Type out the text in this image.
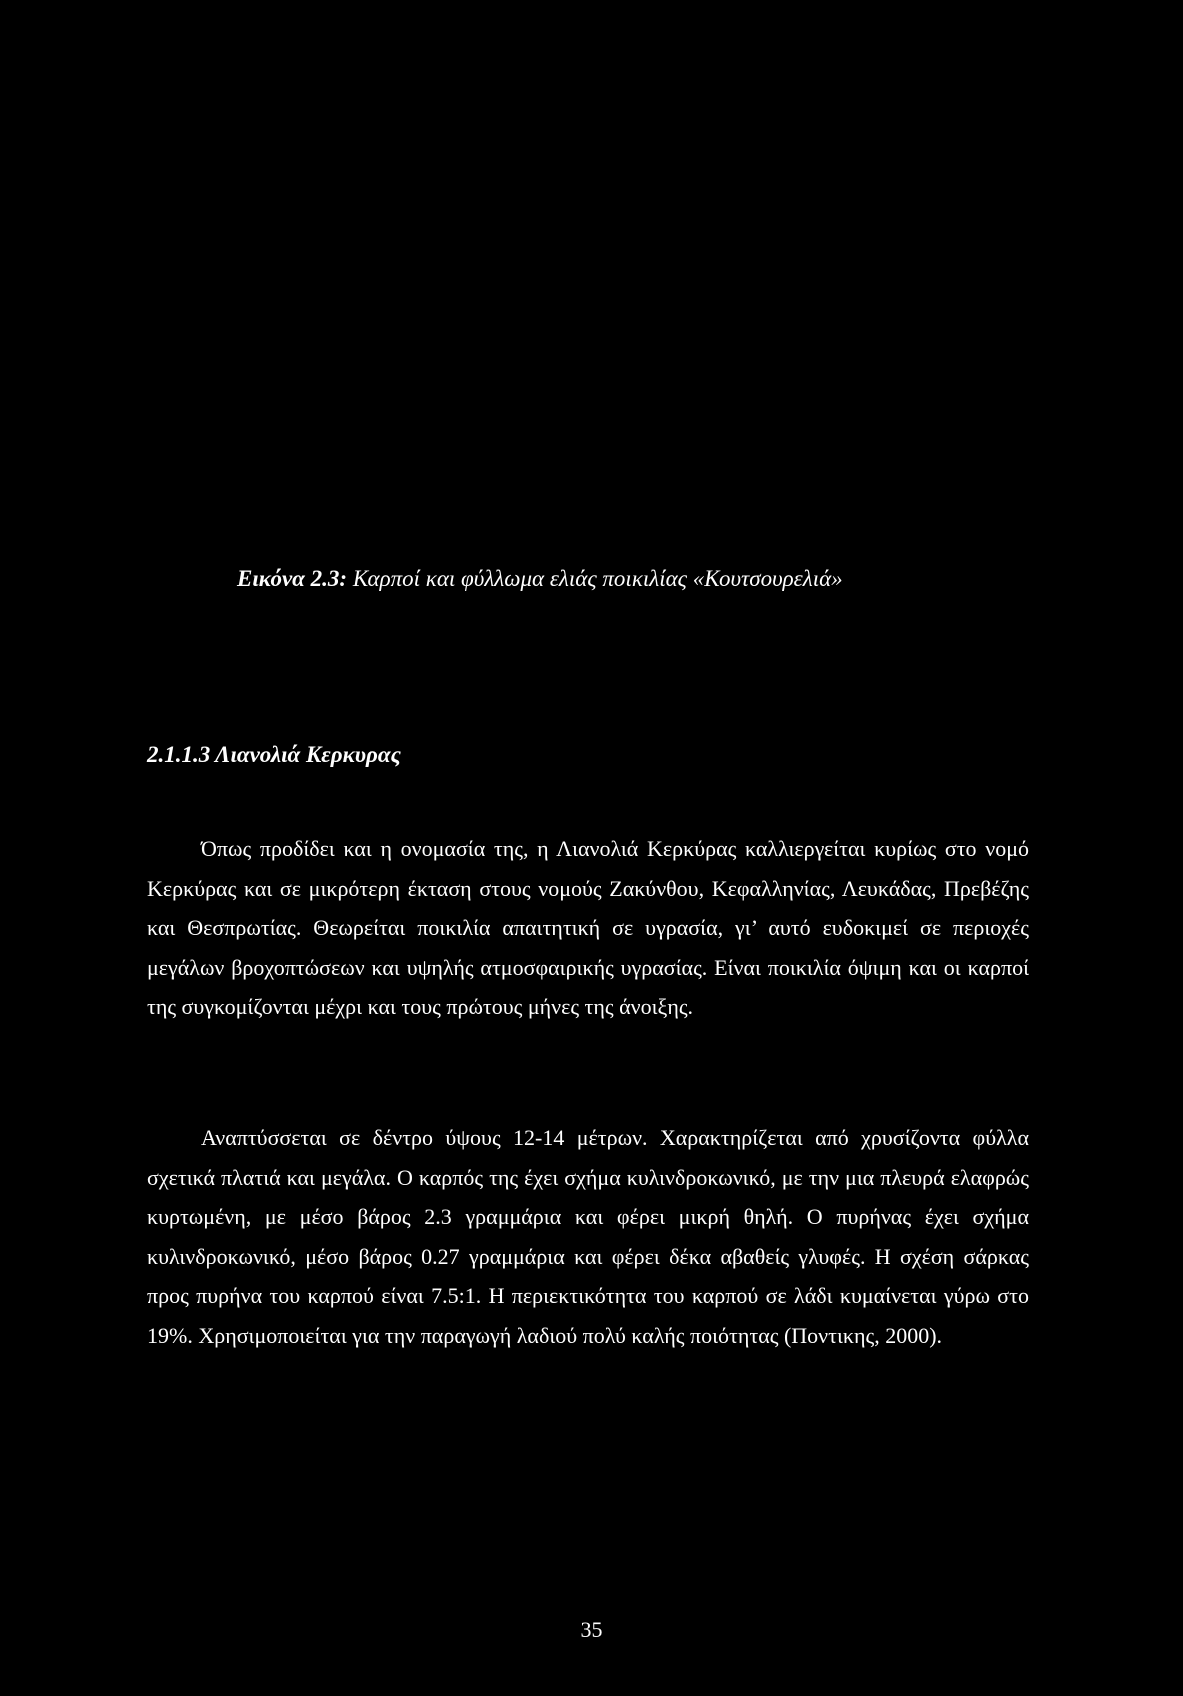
Εικόνα 2.3: Καρποί και φύλλωμα ελιάς ποικιλίας «Κουτσουρελιά»
2.1.1.3 Λιανολιά Κερκυρας

Όπως προδίδει και η ονομασία της, η Λιανολιά Κερκύρας καλλιεργείται κυρίως στο νομό Κερκύρας και σε μικρότερη έκταση στους νομούς Ζακύνθου, Κεφαλληνίας, Λευκάδας, Πρεβέζης και Θεσπρωτίας. Θεωρείται ποικιλία απαιτητική σε υγρασία, γι’ αυτό ευδοκιμεί σε περιοχές μεγάλων βροχοπτώσεων και υψηλής ατμοσφαιρικής υγρασίας. Είναι ποικιλία όψιμη και οι καρποί της συγκομίζονται μέχρι και τους πρώτους μήνες της άνοιξης.

Αναπτύσσεται σε δέντρο ύψους 12-14 μέτρων. Χαρακτηρίζεται από χρυσίζοντα φύλλα σχετικά πλατιά και μεγάλα. Ο καρπός της έχει σχήμα κυλινδροκωνικό, με την μια πλευρά ελαφρώς κυρτωμένη, με μέσο βάρος 2.3 γραμμάρια και φέρει μικρή θηλή. Ο πυρήνας έχει σχήμα κυλινδροκωνικό, μέσο βάρος 0.27 γραμμάρια και φέρει δέκα αβαθείς γλυφές. Η σχέση σάρκας προς πυρήνα του καρπού είναι 7.5:1. Η περιεκτικότητα του καρπού σε λάδι κυμαίνεται γύρω στο 19%. Χρησιμοποιείται για την παραγωγή λαδιού πολύ καλής ποιότητας (Ποντικης, 2000).

35
